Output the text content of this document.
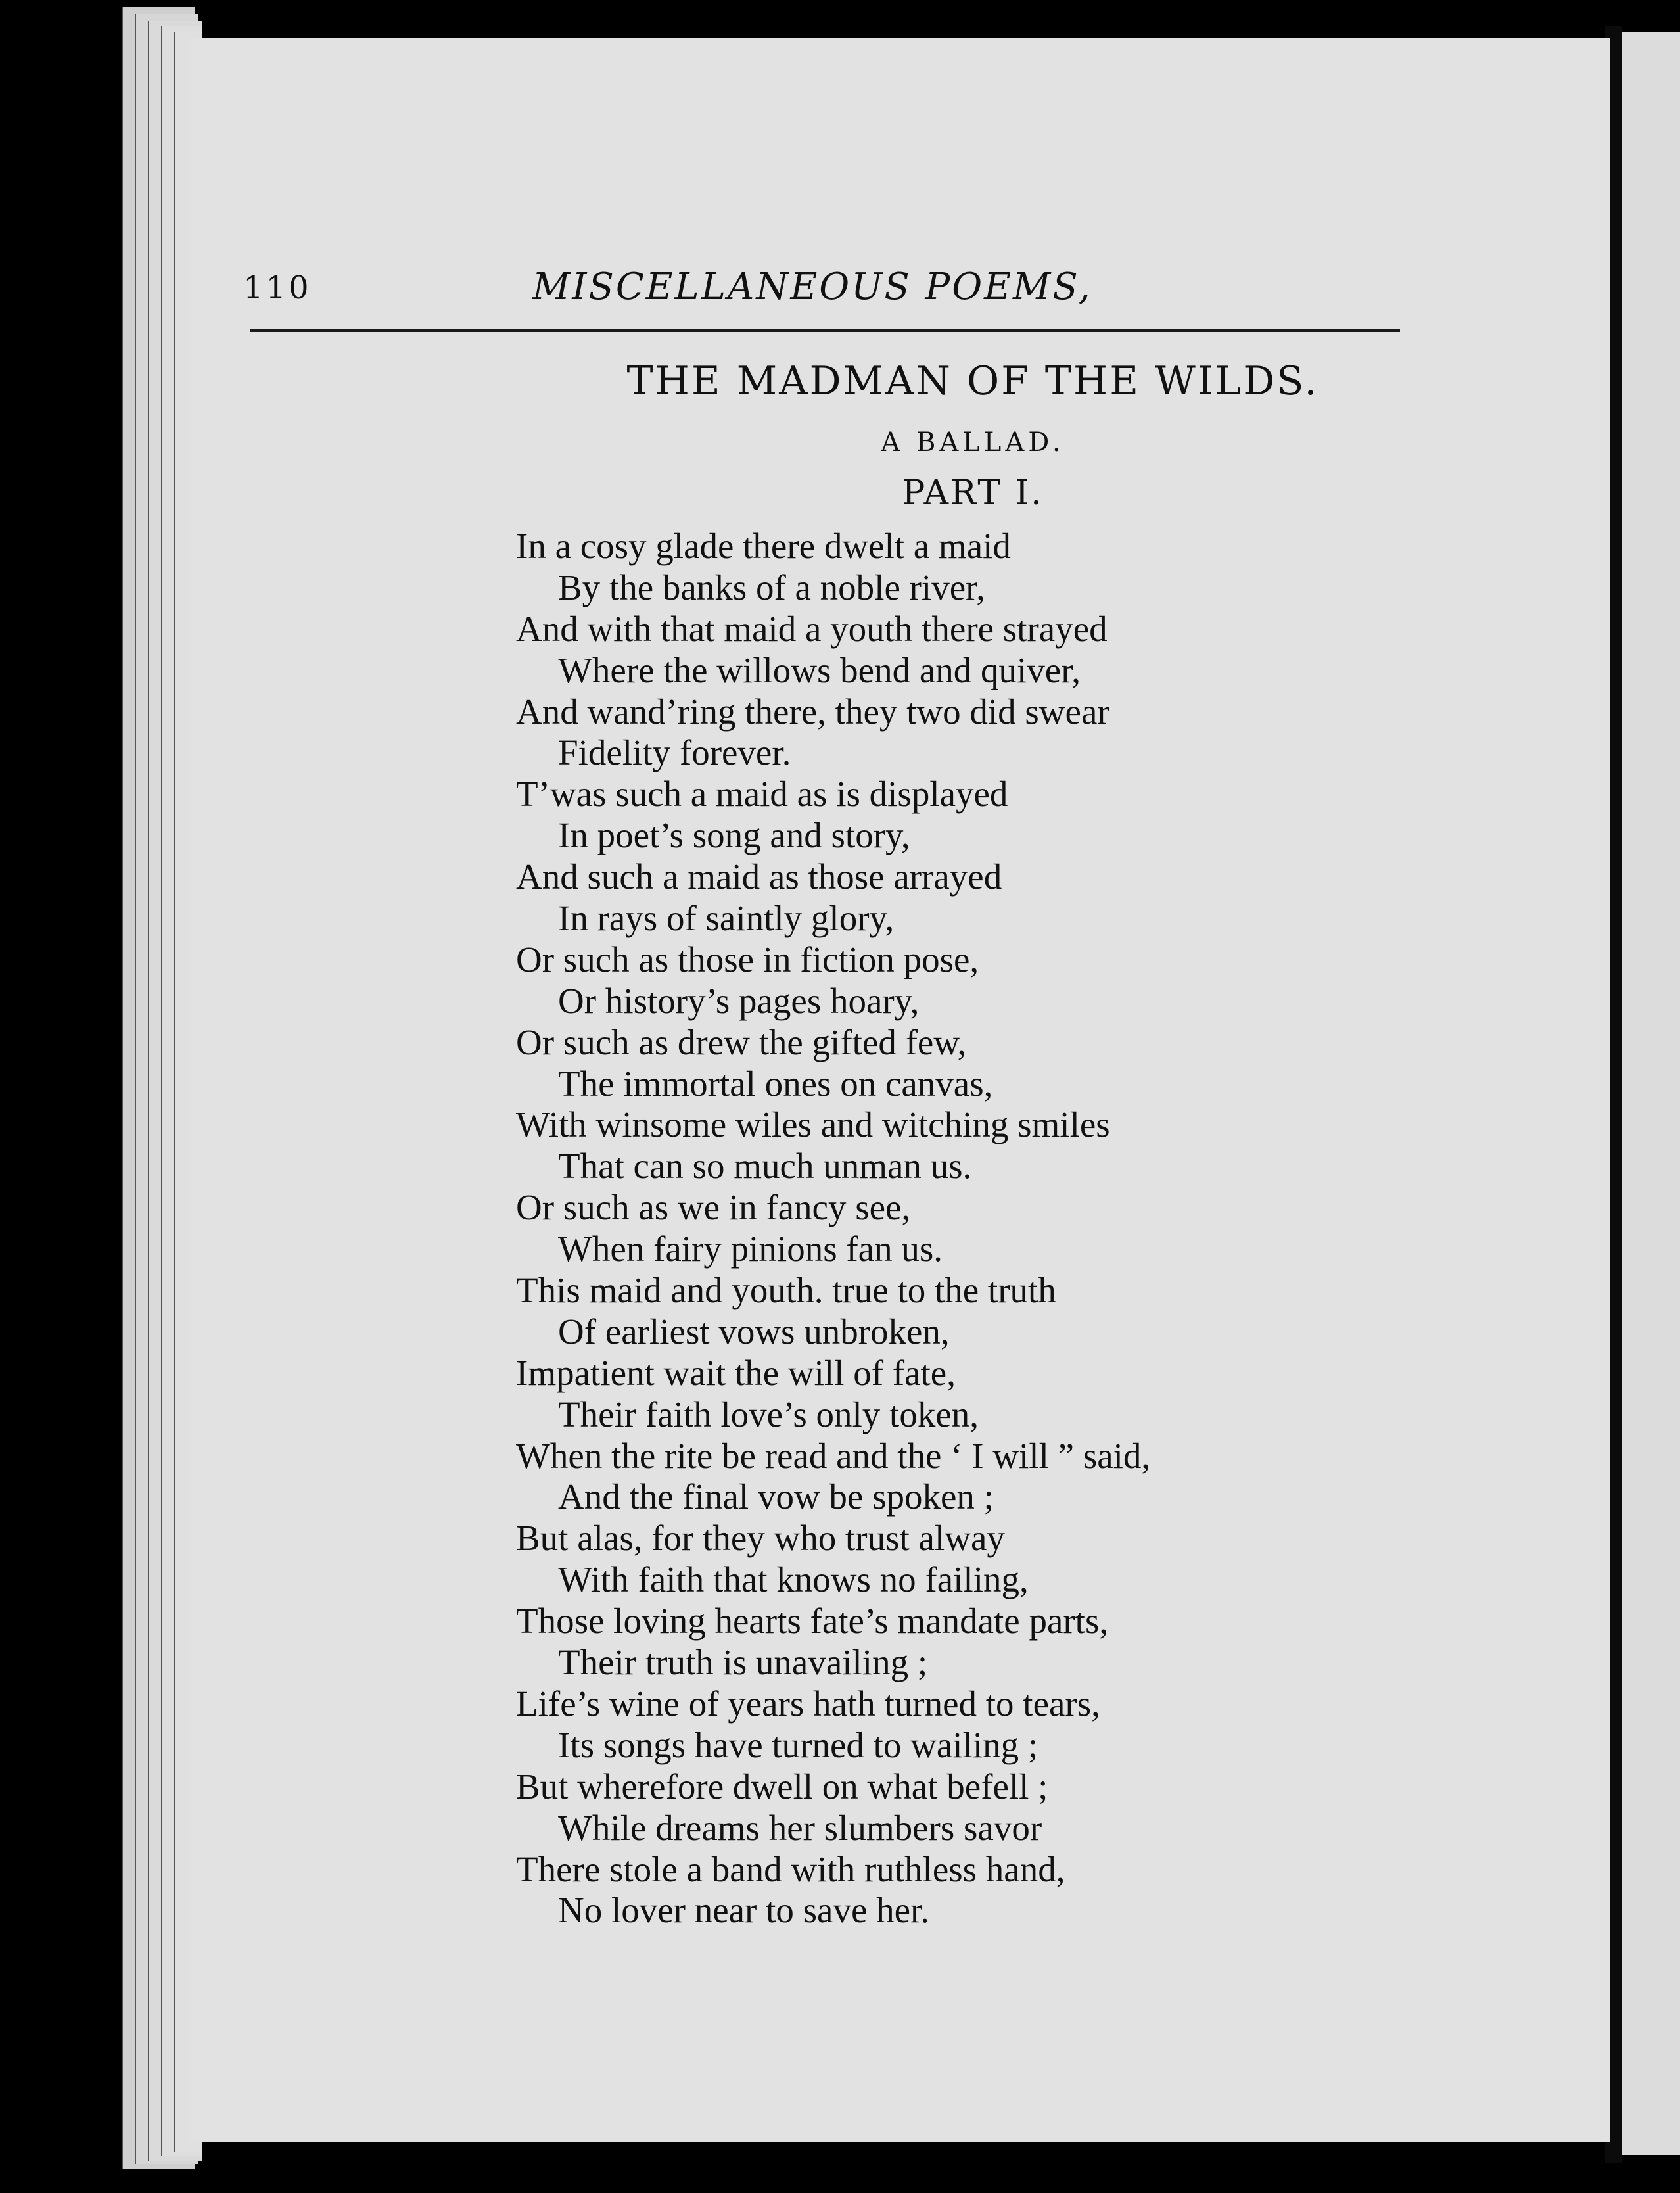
110	MISCELLANEOUS POEMS,
THE MADMAN OF THE WILDS.
A BALLAD.
PART I.
In a cosy glade there dwelt a maid
By the banks of a noble river,
And with that maid a youth there strayed
Where the willows bend and quiver,
And wand’ring there, they two did swear
Fidelity forever.
T’was such a maid as is displayed
In poet’s song and story,
And such a maid as those arrayed
In rays of saintly glory,
Or such as those in fiction pose,
Or history’s pages hoary,
Or such as drew the gifted few,
The immortal ones on canvas,
With winsome wiles and witching smiles
That can so much unman us.
Or such as we in fancy see,
When fairy pinions fan us.
This maid and youth. true to the truth
Of earliest vows unbroken,
Impatient wait the will of fate,
Their faith love’s only token,
When the rite be read and the ‘ I will ” said,
And the final vow be spoken ;
But alas, for they who trust alway
With faith that knows no failing,
Those loving hearts fate’s mandate parts,
Their truth is unavailing ;
Life’s wine of years hath turned to tears,
Its songs have turned to wailing ;
But wherefore dwell on what befell ;
While dreams her slumbers savor
There stole a band with ruthless hand,
No lover near to save her.
